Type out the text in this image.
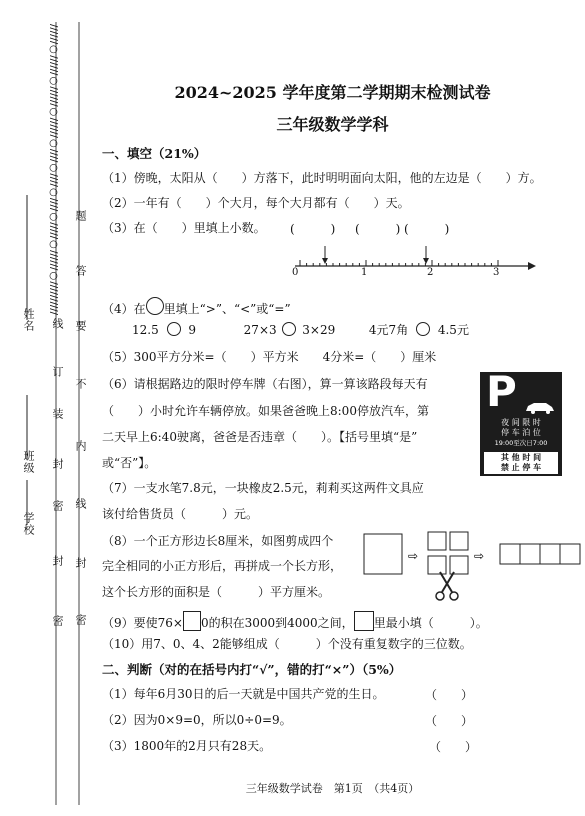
姓名
班级
学校
//////○//////○//////○//////○////○////○////○/////○//////○//////////
线
订
装
封
密
封
密
题
答
要
不
内
线
封
密
2024~2025 学年度第二学期期末检测试卷
三年级数学学科
一、填空（21%）
（1）傍晚，太阳从（　　）方落下，此时明明面向太阳，他的左边是（　　）方。
（2）一年有（　　）个大月，每个大月都有（　　）天。
（3）在（　　）里填上小数。 (　　　) (　　　) (　　　)
0	1	2	3
（4）在 里填上“>”、“<”或“=”
12.5 9	27×3 3×29	4元7角 4.5元
（5）300平方分米=（　　）平方米　　4分米=（　　）厘米
（6）请根据路边的限时停车牌（右图），算一算该路段每天有
（　　）小时允许车辆停放。如果爸爸晚上8:00停放汽车，第
二天早上6:40驶离，爸爸是否违章（　　）。【括号里填“是”
或“否”】。
P
夜 间 限 时
停 车 泊 位
19:00至次日7:00
其 他 时 间
禁 止 停 车
（7）一支水笔7.8元，一块橡皮2.5元，莉莉买这两件文具应
该付给售货员（　　　）元。
（8）一个正方形边长8厘米，如图剪成四个
完全相同的小正方形后，再拼成一个长方形，
这个长方形的面积是（　　　）平方厘米。
⇨	⇨
（9）要使76× 0的积在3000到4000之间， 里最小填（　　　）。
（10）用7、0、4、2能够组成（　　　）个没有重复数字的三位数。
二、判断（对的在括号内打“√”，错的打“×”）（5%）
（1）每年6月30日的后一天就是中国共产党的生日。	（　　）
（2）因为0×9=0，所以0÷0=9。	（　　）
（3）1800年的2月只有28天。	（　　）
三年级数学试卷　第1页　（共4页）
